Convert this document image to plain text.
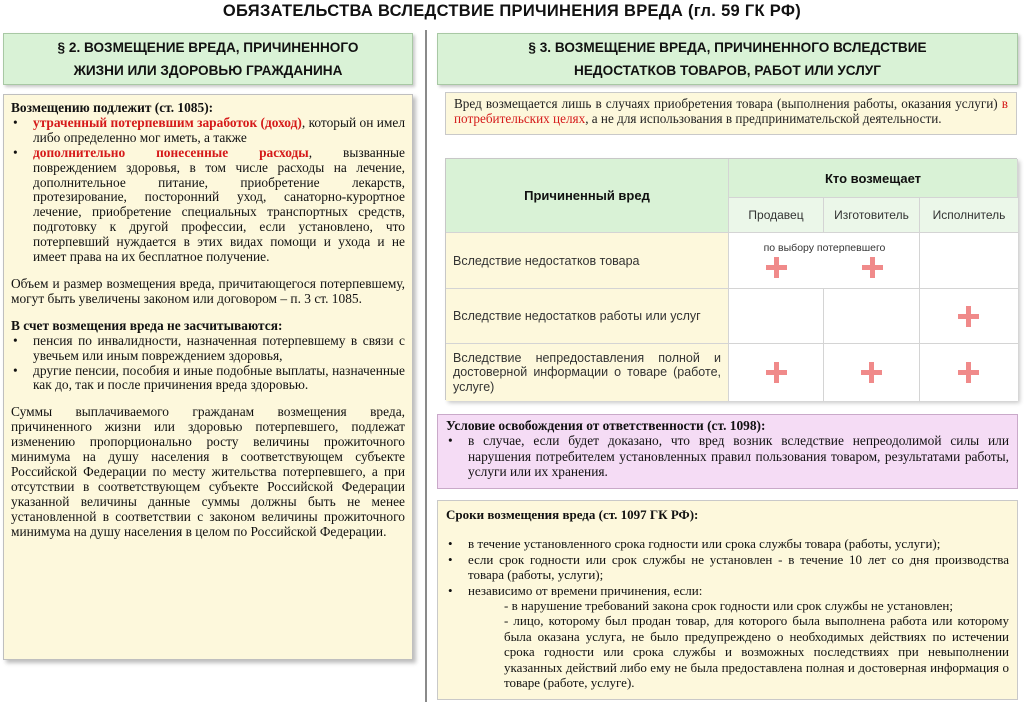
ОБЯЗАТЕЛЬСТВА ВСЛЕДСТВИЕ ПРИЧИНЕНИЯ ВРЕДА (гл. 59 ГК РФ)
§ 2. ВОЗМЕЩЕНИЕ ВРЕДА, ПРИЧИНЕННОГО
ЖИЗНИ ИЛИ ЗДОРОВЬЮ ГРАЖДАНИНА

Возмещению подлежит (ст. 1085):

• утраченный потерпевшим заработок (доход), который он имел либо определенно мог иметь, а также
• дополнительно понесенные расходы, вызванные повреждением здоровья, в том числе расходы на лечение, дополнительное питание, приобретение лекарств, протезирование, посторонний уход, санаторно-курортное лечение, приобретение специальных транспортных средств, подготовку к другой профессии, если установлено, что потерпевший нуждается в этих видах помощи и ухода и не имеет права на их бесплатное получение.

Объем и размер возмещения вреда, причитающегося потерпевшему, могут быть увеличены законом или договором – п. 3 ст. 1085.

В счет возмещения вреда не засчитываются:

• пенсия по инвалидности, назначенная потерпевшему в связи с увечьем или иным повреждением здоровья,
• другие пенсии, пособия и иные подобные выплаты, назначенные как до, так и после причинения вреда здоровью.

Суммы выплачиваемого гражданам возмещения вреда, причиненного жизни или здоровью потерпевшего, подлежат изменению пропорционально росту величины прожиточного минимума на душу населения в соответствующем субъекте Российской Федерации по месту жительства потерпевшего, а при отсутствии в соответствующем субъекте Российской Федерации указанной величины данные суммы должны быть не менее установленной в соответствии с законом величины прожиточного минимума на душу населения в целом по Российской Федерации.

§ 3. ВОЗМЕЩЕНИЕ ВРЕДА, ПРИЧИНЕННОГО ВСЛЕДСТВИЕ
НЕДОСТАТКОВ ТОВАРОВ, РАБОТ ИЛИ УСЛУГ
Вред возмещается лишь в случаях приобретения товара (выполнения работы, оказания услуги) в потребительских целях, а не для использования в предпринимательской деятельности.
Причиненный вред
Кто возмещает
Продавец	Изготовитель	Исполнитель
Вследствие недостатков товара
по выбору потерпевшего
Вследствие недостатков работы или услуг
Вследствие непредоставления полной и достоверной информации о товаре (работе, услуге)
Условие освобождения от ответственности (ст. 1098):
• в случае, если будет доказано, что вред возник вследствие непреодолимой силы или нарушения потребителем установленных правил пользования товаром, результатами работы, услуги или их хранения.
Сроки возмещения вреда (ст. 1097 ГК РФ):
• в течение установленного срока годности или срока службы товара (работы, услуги);
• если срок годности или срок службы не установлен - в течение 10 лет со дня производства товара (работы, услуги);
• независимо от времени причинения, если:
- в нарушение требований закона срок годности или срок службы не установлен;
- лицо, которому был продан товар, для которого была выполнена работа или которому была оказана услуга, не было предупреждено о необходимых действиях по истечении срока годности или срока службы и возможных последствиях при невыполнении указанных действий либо ему не была предоставлена полная и достоверная информация о товаре (работе, услуге).
